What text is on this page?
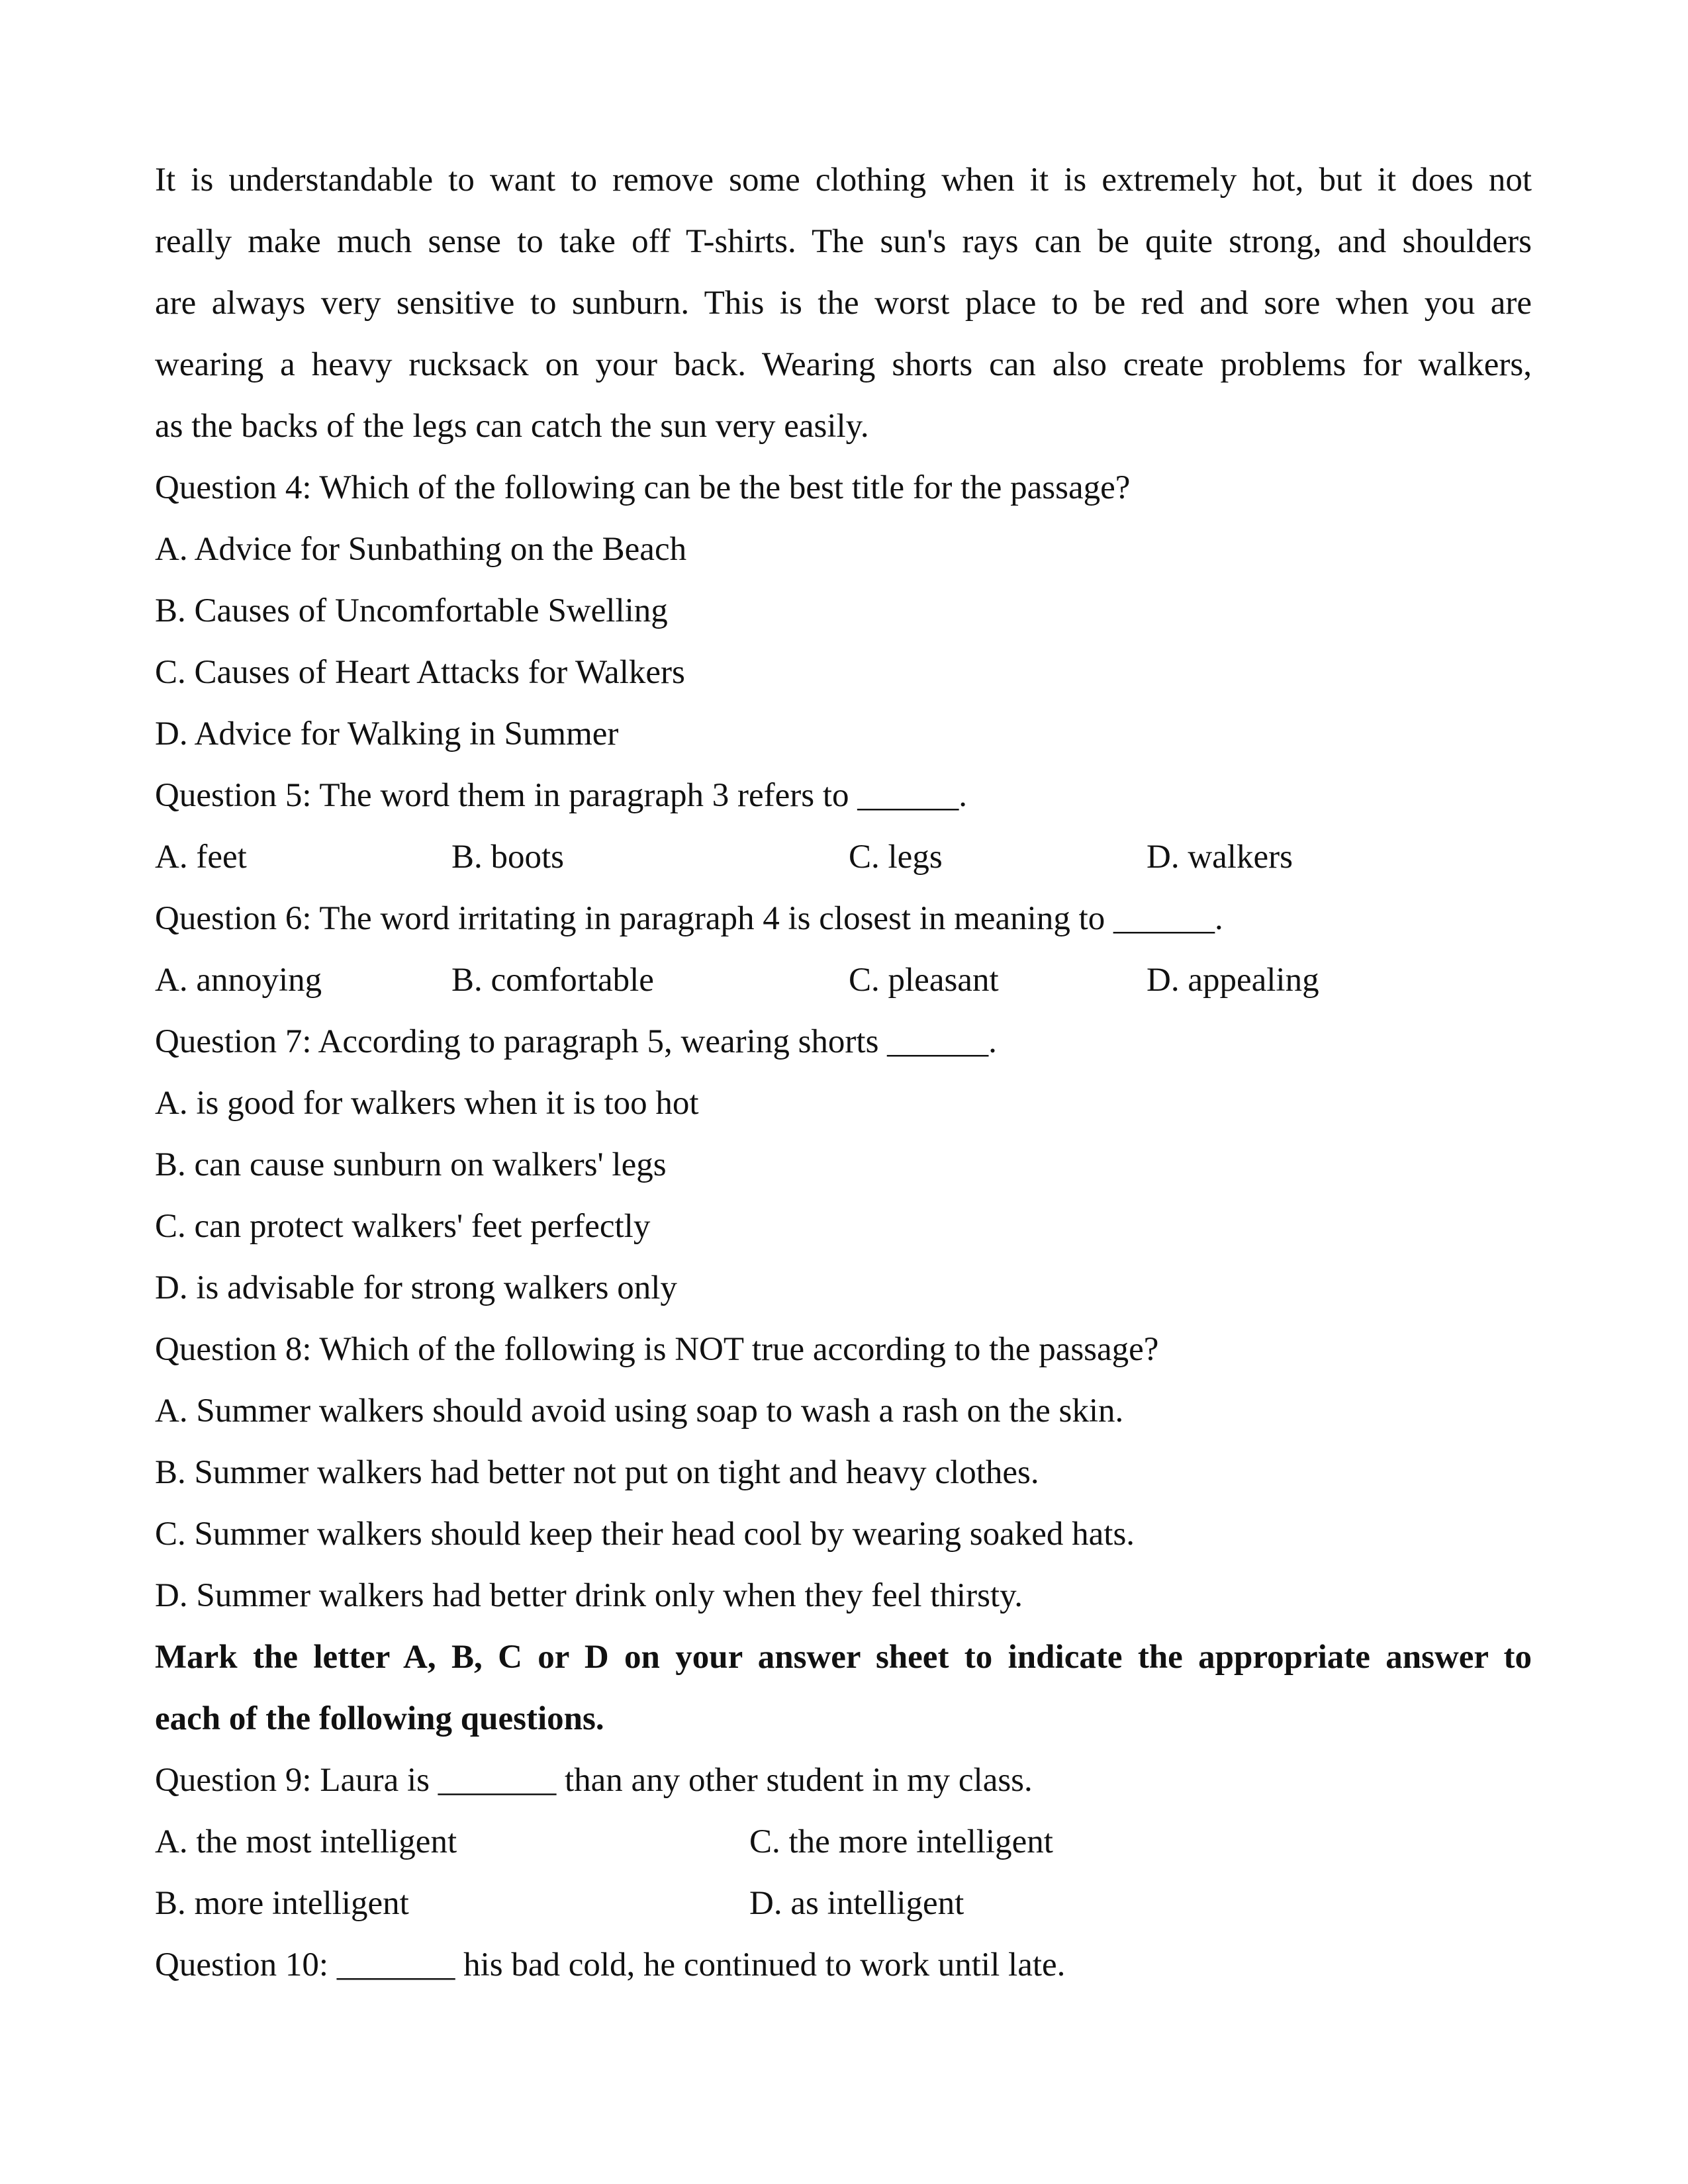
It is understandable to want to remove some clothing when it is extremely hot, but it does not
really make much sense to take off T-shirts. The sun's rays can be quite strong, and shoulders
are always very sensitive to sunburn. This is the worst place to be red and sore when you are
wearing a heavy rucksack on your back. Wearing shorts can also create problems for walkers,
as the backs of the legs can catch the sun very easily.
Question 4: Which of the following can be the best title for the passage?
A. Advice for Sunbathing on the Beach
B. Causes of Uncomfortable Swelling
C. Causes of Heart Attacks for Walkers
D. Advice for Walking in Summer
Question 5: The word them in paragraph 3 refers to ______.
A. feet	B. boots	C. legs	D. walkers
Question 6: The word irritating in paragraph 4 is closest in meaning to ______.
A. annoying	B. comfortable	C. pleasant	D. appealing
Question 7: According to paragraph 5, wearing shorts ______.
A. is good for walkers when it is too hot
B. can cause sunburn on walkers' legs
C. can protect walkers' feet perfectly
D. is advisable for strong walkers only
Question 8: Which of the following is NOT true according to the passage?
A. Summer walkers should avoid using soap to wash a rash on the skin.
B. Summer walkers had better not put on tight and heavy clothes.
C. Summer walkers should keep their head cool by wearing soaked hats.
D. Summer walkers had better drink only when they feel thirsty.
Mark the letter A, B, C or D on your answer sheet to indicate the appropriate answer to
each of the following questions.
Question 9: Laura is _______ than any other student in my class.
A. the most intelligent	C. the more intelligent
B. more intelligent	D. as intelligent
Question 10: _______ his bad cold, he continued to work until late.
